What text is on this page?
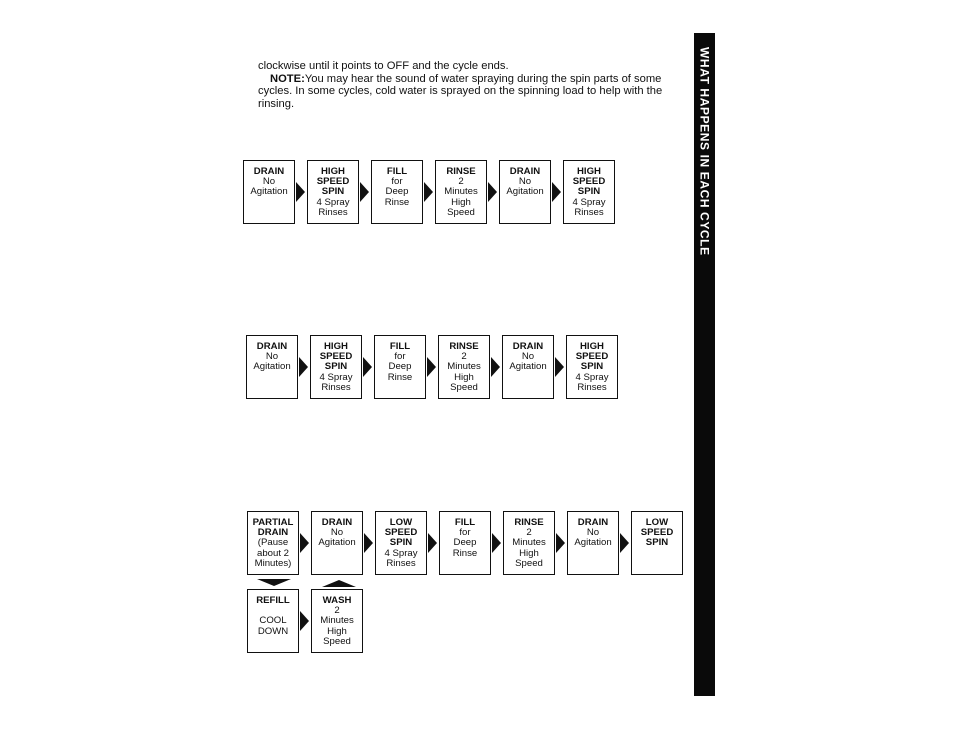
clockwise until it points to OFF and the cycle ends.

NOTE:You may hear the sound of water spraying during the spin parts of some cycles. In some cycles, cold water is sprayed on the spinning load to help with the rinsing.	WHAT HAPPENS IN EACH CYCLE
DRAIN
No
Agitation
HIGH
SPEED
SPIN
4 Spray
Rinses
FILL
for
Deep
Rinse
RINSE
2
Minutes
High
Speed
DRAIN
No
Agitation
HIGH
SPEED
SPIN
4 Spray
Rinses
DRAIN
No
Agitation
HIGH
SPEED
SPIN
4 Spray
Rinses
FILL
for
Deep
Rinse
RINSE
2
Minutes
High
Speed
DRAIN
No
Agitation
HIGH
SPEED
SPIN
4 Spray
Rinses
PARTIAL
DRAIN
(Pause
about 2
Minutes)
DRAIN
No
Agitation
LOW
SPEED
SPIN
4 Spray
Rinses
FILL
for
Deep
Rinse
RINSE
2
Minutes
High
Speed
DRAIN
No
Agitation
LOW
SPEED
SPIN
REFILL

COOL
DOWN
WASH
2
Minutes
High
Speed
